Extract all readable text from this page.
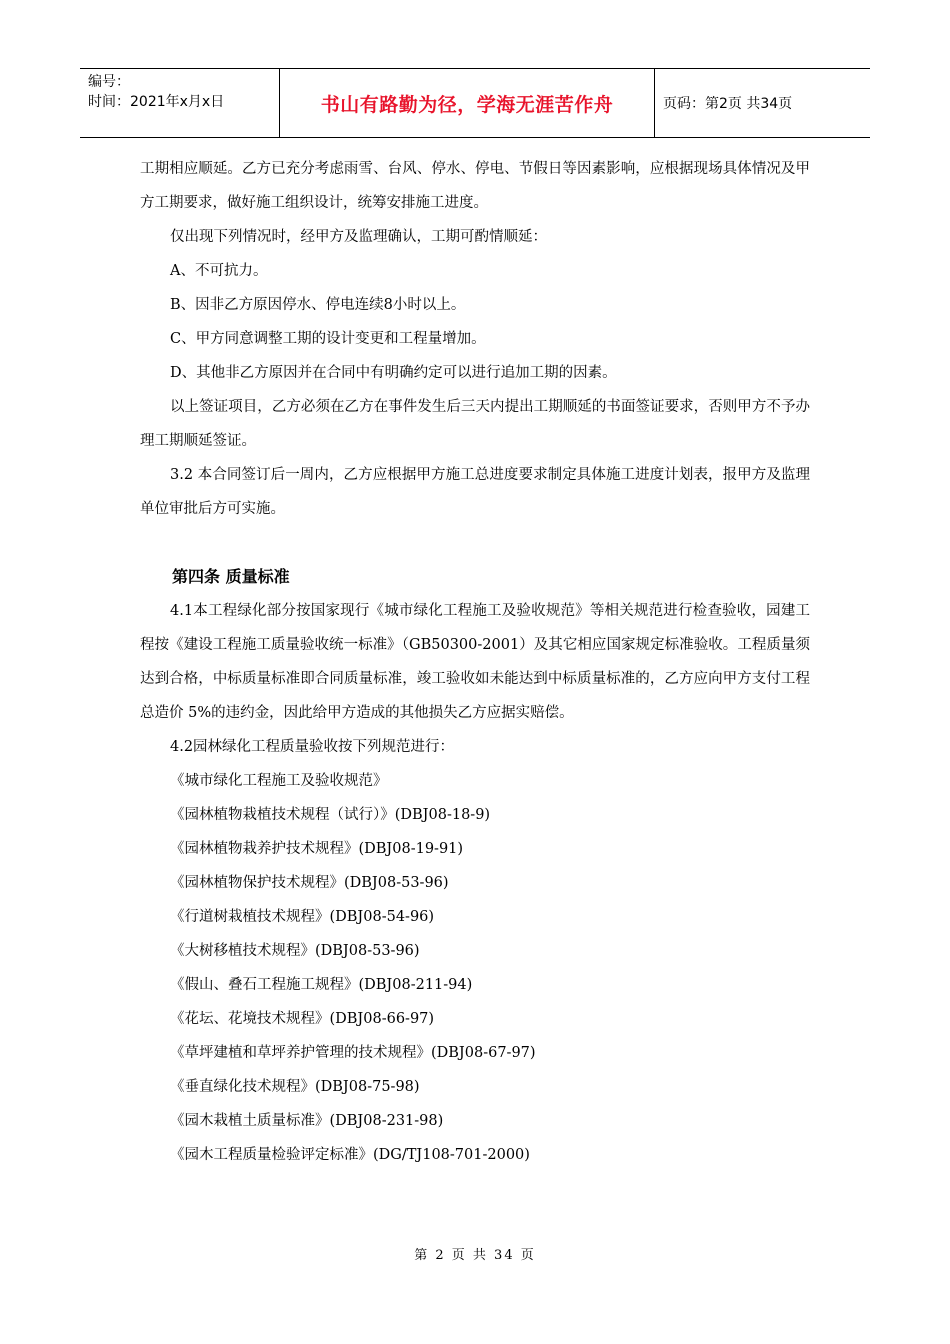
编号：
时间：2021年x月x日	书山有路勤为径，学海无涯苦作舟	页码：第2页 共34页
工期相应顺延。乙方已充分考虑雨雪、台风、停水、停电、节假日等因素影响，应根据现场具体情况及甲方工期要求，做好施工组织设计，统筹安排施工进度。
仅出现下列情况时，经甲方及监理确认，工期可酌情顺延：
A、不可抗力。
B、因非乙方原因停水、停电连续8小时以上。
C、甲方同意调整工期的设计变更和工程量增加。
D、其他非乙方原因并在合同中有明确约定可以进行追加工期的因素。
以上签证项目，乙方必须在乙方在事件发生后三天内提出工期顺延的书面签证要求，否则甲方不予办理工期顺延签证。
3.2 本合同签订后一周内，乙方应根据甲方施工总进度要求制定具体施工进度计划表，报甲方及监理单位审批后方可实施。
第四条 质量标准
4.1本工程绿化部分按国家现行《城市绿化工程施工及验收规范》等相关规范进行检查验收，园建工程按《建设工程施工质量验收统一标准》（GB50300-2001）及其它相应国家规定标准验收。工程质量须达到合格，中标质量标准即合同质量标准，竣工验收如未能达到中标质量标准的，乙方应向甲方支付工程总造价 5%的违约金，因此给甲方造成的其他损失乙方应据实赔偿。
4.2园林绿化工程质量验收按下列规范进行：
《城市绿化工程施工及验收规范》
《园林植物栽植技术规程（试行）》(DBJ08-18-9)
《园林植物栽养护技术规程》(DBJ08-19-91)
《园林植物保护技术规程》(DBJ08-53-96)
《行道树栽植技术规程》(DBJ08-54-96)
《大树移植技术规程》(DBJ08-53-96)
《假山、叠石工程施工规程》(DBJ08-211-94)
《花坛、花境技术规程》(DBJ08-66-97)
《草坪建植和草坪养护管理的技术规程》(DBJ08-67-97)
《垂直绿化技术规程》(DBJ08-75-98)
《园木栽植土质量标准》(DBJ08-231-98)
《园木工程质量检验评定标准》(DG/TJ108-701-2000)
第 2 页 共 34 页
